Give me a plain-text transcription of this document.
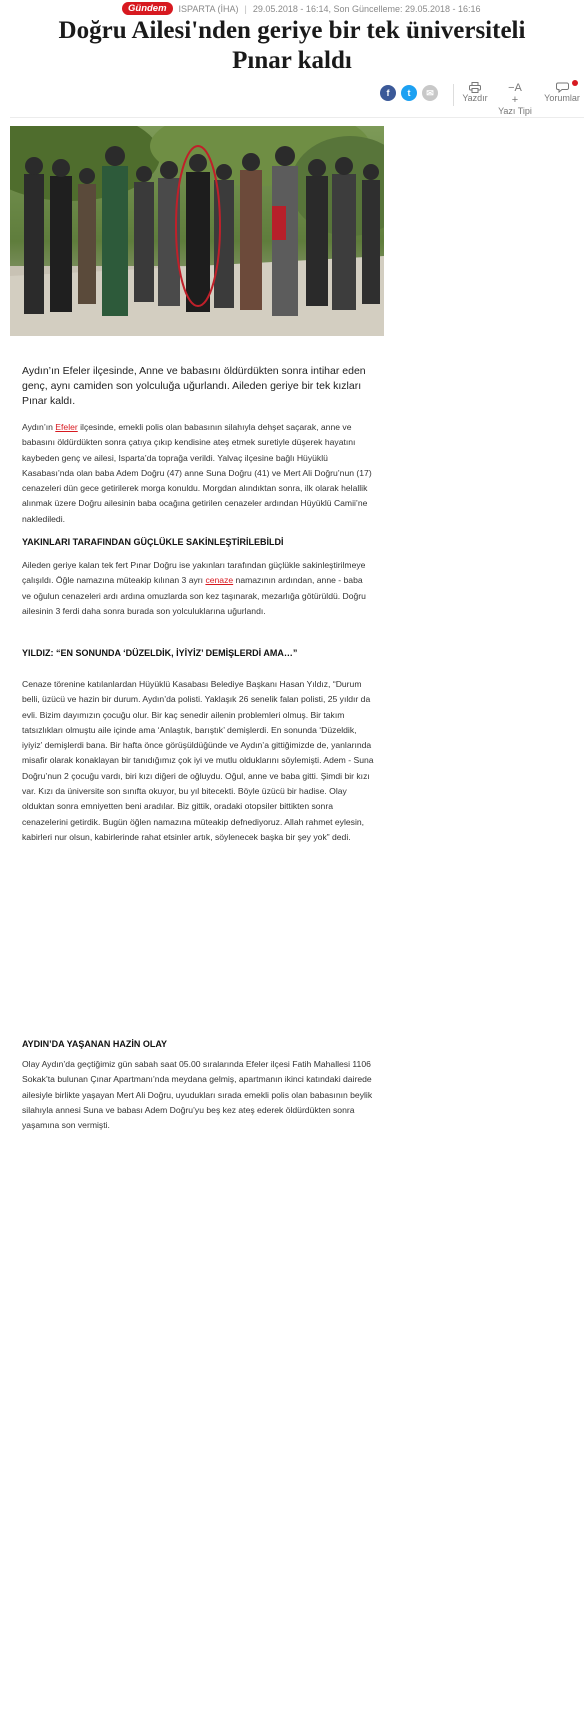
Gündem	ISPARTA (İHA) | 29.05.2018 - 16:14, Son Güncelleme: 29.05.2018 - 16:16
Doğru Ailesi'nden geriye bir tek üniversiteli Pınar kaldı
f	t	✉
Yazdır
−A
+
Yazı Tipi
Yorumlar

Aydın’ın Efeler ilçesinde, Anne ve babasını öldürdükten sonra intihar eden genç, aynı camiden son yolculuğa uğurlandı. Aileden geriye bir tek kızları Pınar kaldı.

Aydın’ın Efeler ilçesinde, emekli polis olan babasının silahıyla dehşet saçarak, anne ve babasını öldürdükten sonra çatıya çıkıp kendisine ateş etmek suretiyle düşerek hayatını kaybeden genç ve ailesi, Isparta’da toprağa verildi. Yalvaç ilçesine bağlı Hüyüklü Kasabası’nda olan baba Adem Doğru (47) anne Suna Doğru (41) ve Mert Ali Doğru’nun (17) cenazeleri dün gece getirilerek morga konuldu. Morgdan alındıktan sonra, ilk olarak helallik alınmak üzere Doğru ailesinin baba ocağına getirilen cenazeler ardından Hüyüklü Camii’ne naklediledi.

YAKINLARI TARAFINDAN GÜÇLÜKLE SAKİNLEŞTİRİLEBİLDİ

Aileden geriye kalan tek fert Pınar Doğru ise yakınları tarafından güçlükle sakinleştirilmeye çalışıldı. Öğle namazına müteakip kılınan 3 ayrı cenaze namazının ardından, anne - baba ve oğulun cenazeleri ardı ardına omuzlarda son kez taşınarak, mezarlığa götürüldü. Doğru ailesinin 3 ferdi daha sonra burada son yolculuklarına uğurlandı.

YILDIZ: “EN SONUNDA ‘DÜZELDİK, İYİYİZ’ DEMİŞLERDİ AMA…”

Cenaze törenine katılanlardan Hüyüklü Kasabası Belediye Başkanı Hasan Yıldız, “Durum belli, üzücü ve hazin bir durum. Aydın’da polisti. Yaklaşık 26 senelik falan polisti, 25 yıldır da evli. Bizim dayımızın çocuğu olur. Bir kaç senedir ailenin problemleri olmuş. Bir takım tatsızlıkları olmuştu aile içinde ama ‘Anlaştık, barıştık’ demişlerdi. En sonunda ‘Düzeldik, iyiyiz’ demişlerdi bana. Bir hafta önce görüşüldüğünde ve Aydın’a gittiğimizde de, yanlarında misafir olarak konaklayan bir tanıdığımız çok iyi ve mutlu olduklarını söylemişti. Adem - Suna Doğru’nun 2 çocuğu vardı, biri kızı diğeri de oğluydu. Oğul, anne ve baba gitti. Şimdi bir kızı var. Kızı da üniversite son sınıfta okuyor, bu yıl bitecekti. Böyle üzücü bir hadise. Olay olduktan sonra emniyetten beni aradılar. Biz gittik, oradaki otopsiler bittikten sonra cenazelerini getirdik. Bugün öğlen namazına müteakip defnediyoruz. Allah rahmet eylesin, kabirleri nur olsun, kabirlerinde rahat etsinler artık, söylenecek başka bir şey yok” dedi.

AYDIN’DA YAŞANAN HAZİN OLAY

Olay Aydın’da geçtiğimiz gün sabah saat 05.00 sıralarında Efeler ilçesi Fatih Mahallesi 1106 Sokak’ta bulunan Çınar Apartmanı’nda meydana gelmiş, apartmanın ikinci katındaki dairede ailesiyle birlikte yaşayan Mert Ali Doğru, uyudukları sırada emekli polis olan babasının beylik silahıyla annesi Suna ve babası Adem Doğru’yu beş kez ateş ederek öldürdükten sonra yaşamına son vermişti.
